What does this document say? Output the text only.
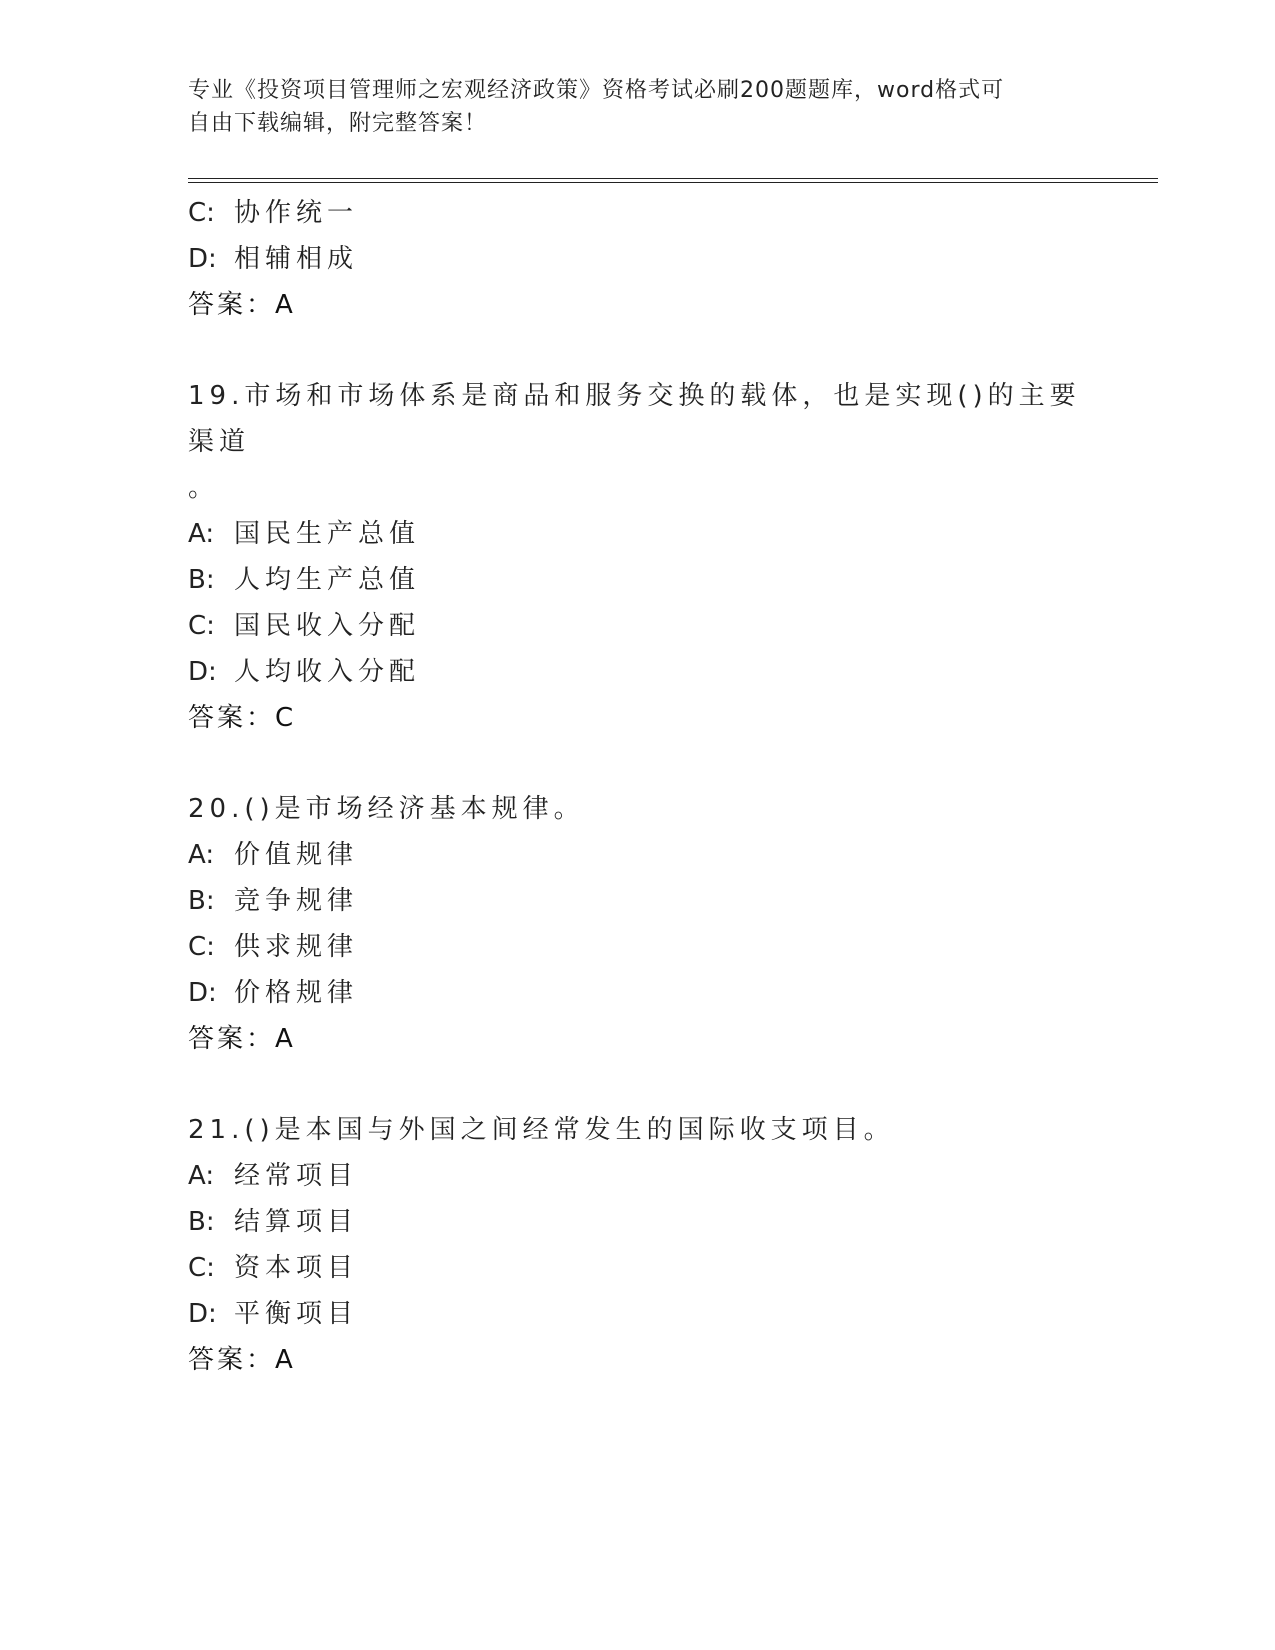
专业《投资项目管理师之宏观经济政策》资格考试必刷200题题库，word格式可
自由下载编辑，附完整答案！
C: 协作统一
D: 相辅相成
答案：A
19.市场和市场体系是商品和服务交换的载体，也是实现()的主要渠道
。
A: 国民生产总值
B: 人均生产总值
C: 国民收入分配
D: 人均收入分配
答案：C
20.()是市场经济基本规律。
A: 价值规律
B: 竞争规律
C: 供求规律
D: 价格规律
答案：A
21.()是本国与外国之间经常发生的国际收支项目。
A: 经常项目
B: 结算项目
C: 资本项目
D: 平衡项目
答案：A
